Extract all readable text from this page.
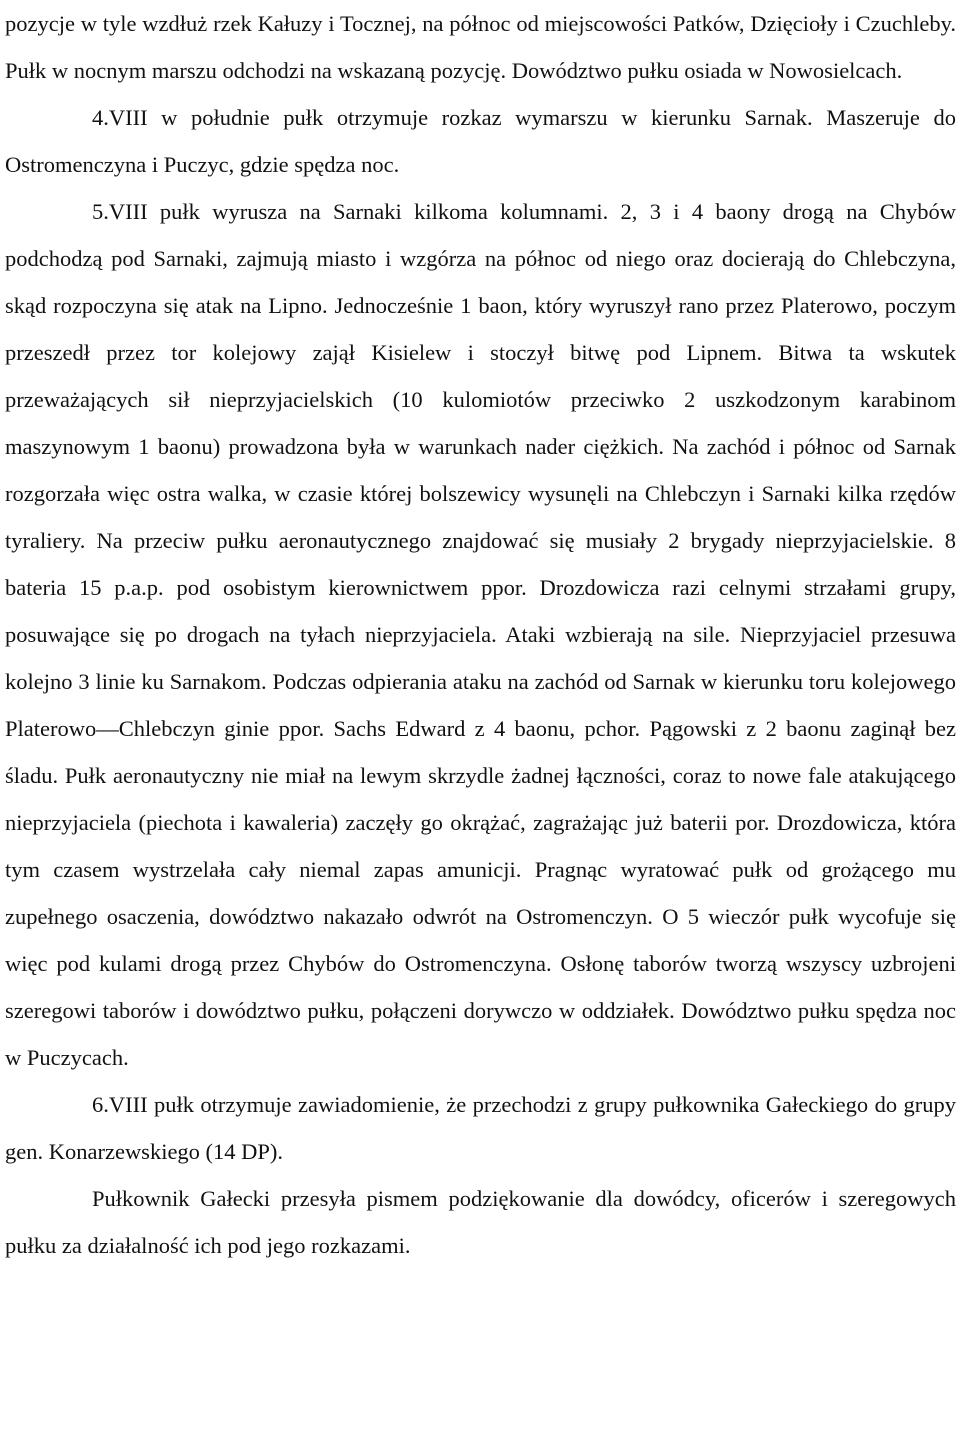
pozycje w tyle wzdłuż rzek Kałuzy i Tocznej, na północ od miejscowości Patków, Dzięcioły i Czuchleby. Pułk w nocnym marszu odchodzi na wskazaną pozycję. Dowództwo pułku osiada w Nowosielcach.

4.VIII w południe pułk otrzymuje rozkaz wymarszu w kierunku Sarnak. Maszeruje do Ostromenczyna i Puczyc, gdzie spędza noc.

5.VIII pułk wyrusza na Sarnaki kilkoma kolumnami. 2, 3 i 4 baony drogą na Chybów podchodzą pod Sarnaki, zajmują miasto i wzgórza na północ od niego oraz docierają do Chlebczyna, skąd rozpoczyna się atak na Lipno. Jednocześnie 1 baon, który wyruszył rano przez Platerowo, poczym przeszedł przez tor kolejowy zajął Kisielew i stoczył bitwę pod Lipnem. Bitwa ta wskutek przeważających sił nieprzyjacielskich (10 kulomiotów przeciwko 2 uszkodzonym karabinom maszynowym 1 baonu) prowadzona była w warunkach nader ciężkich. Na zachód i północ od Sarnak rozgorzała więc ostra walka, w czasie której bolszewicy wysunęli na Chlebczyn i Sarnaki kilka rzędów tyraliery. Na przeciw pułku aeronautycznego znajdować się musiały 2 brygady nieprzyjacielskie. 8 bateria 15 p.a.p. pod osobistym kierownictwem ppor. Drozdowicza razi celnymi strzałami grupy, posuwające się po drogach na tyłach nieprzyjaciela. Ataki wzbierają na sile. Nieprzyjaciel przesuwa kolejno 3 linie ku Sarnakom. Podczas odpierania ataku na zachód od Sarnak w kierunku toru kolejowego Platerowo—Chlebczyn ginie ppor. Sachs Edward z 4 baonu, pchor. Pągowski z 2 baonu zaginął bez śladu. Pułk aeronautyczny nie miał na lewym skrzydle żadnej łączności, coraz to nowe fale atakującego nieprzyjaciela (piechota i kawaleria) zaczęły go okrążać, zagrażając już baterii por. Drozdowicza, która tym czasem wystrzelała cały niemal zapas amunicji. Pragnąc wyratować pułk od grożącego mu zupełnego osaczenia, dowództwo nakazało odwrót na Ostromenczyn. O 5 wieczór pułk wycofuje się więc pod kulami drogą przez Chybów do Ostromenczyna. Osłonę taborów tworzą wszyscy uzbrojeni szeregowi taborów i dowództwo pułku, połączeni dorywczo w oddziałek. Dowództwo pułku spędza noc w Puczycach.

6.VIII pułk otrzymuje zawiadomienie, że przechodzi z grupy pułkownika Gałeckiego do grupy gen. Konarzewskiego (14 DP).

Pułkownik Gałecki przesyła pismem podziękowanie dla dowódcy, oficerów i szeregowych pułku za działalność ich pod jego rozkazami.
